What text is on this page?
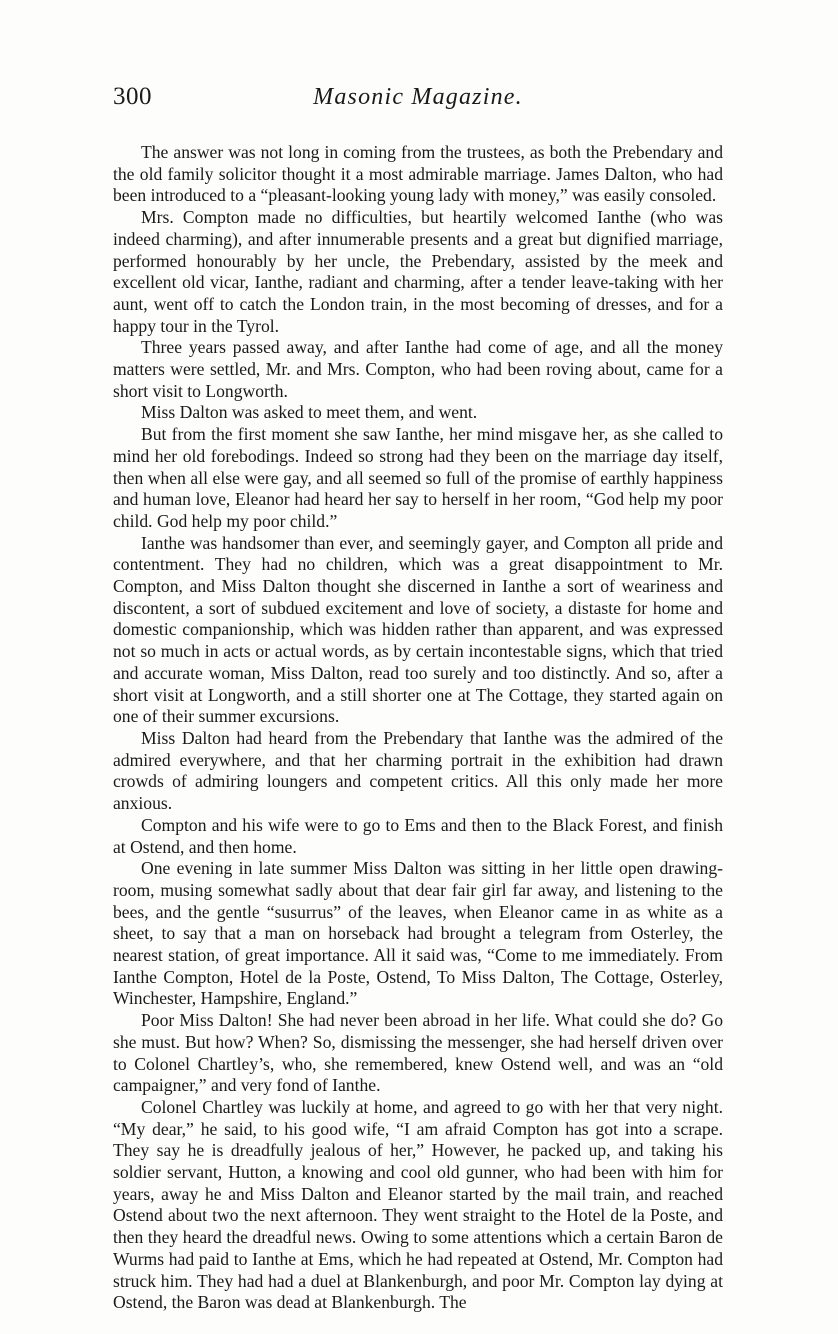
300	Masonic Magazine.

The answer was not long in coming from the trustees, as both the Prebendary and the old family solicitor thought it a most admirable marriage. James Dalton, who had been introduced to a “pleasant-looking young lady with money,” was easily consoled.

Mrs. Compton made no difficulties, but heartily welcomed Ianthe (who was indeed charming), and after innumerable presents and a great but dignified marriage, performed honourably by her uncle, the Prebendary, assisted by the meek and excellent old vicar, Ianthe, radiant and charming, after a tender leave-taking with her aunt, went off to catch the London train, in the most becoming of dresses, and for a happy tour in the Tyrol.

Three years passed away, and after Ianthe had come of age, and all the money matters were settled, Mr. and Mrs. Compton, who had been roving about, came for a short visit to Longworth.

Miss Dalton was asked to meet them, and went.

But from the first moment she saw Ianthe, her mind misgave her, as she called to mind her old forebodings. Indeed so strong had they been on the marriage day itself, then when all else were gay, and all seemed so full of the promise of earthly happiness and human love, Eleanor had heard her say to herself in her room, “God help my poor child. God help my poor child.”

Ianthe was handsomer than ever, and seemingly gayer, and Compton all pride and contentment. They had no children, which was a great disappointment to Mr. Compton, and Miss Dalton thought she discerned in Ianthe a sort of weariness and discontent, a sort of subdued excitement and love of society, a distaste for home and domestic companionship, which was hidden rather than apparent, and was expressed not so much in acts or actual words, as by certain incontestable signs, which that tried and accurate woman, Miss Dalton, read too surely and too distinctly. And so, after a short visit at Longworth, and a still shorter one at The Cottage, they started again on one of their summer excursions.

Miss Dalton had heard from the Prebendary that Ianthe was the admired of the admired everywhere, and that her charming portrait in the exhibition had drawn crowds of admiring loungers and competent critics. All this only made her more anxious.

Compton and his wife were to go to Ems and then to the Black Forest, and finish at Ostend, and then home.

One evening in late summer Miss Dalton was sitting in her little open drawing-room, musing somewhat sadly about that dear fair girl far away, and listening to the bees, and the gentle “susurrus” of the leaves, when Eleanor came in as white as a sheet, to say that a man on horseback had brought a telegram from Osterley, the nearest station, of great importance. All it said was, “Come to me immediately. From Ianthe Compton, Hotel de la Poste, Ostend, To Miss Dalton, The Cottage, Osterley, Winchester, Hampshire, England.”

Poor Miss Dalton! She had never been abroad in her life. What could she do? Go she must. But how? When? So, dismissing the messenger, she had herself driven over to Colonel Chartley’s, who, she remembered, knew Ostend well, and was an “old campaigner,” and very fond of Ianthe.

Colonel Chartley was luckily at home, and agreed to go with her that very night. “My dear,” he said, to his good wife, “I am afraid Compton has got into a scrape. They say he is dreadfully jealous of her,” However, he packed up, and taking his soldier servant, Hutton, a knowing and cool old gunner, who had been with him for years, away he and Miss Dalton and Eleanor started by the mail train, and reached Ostend about two the next afternoon. They went straight to the Hotel de la Poste, and then they heard the dreadful news. Owing to some attentions which a certain Baron de Wurms had paid to Ianthe at Ems, which he had repeated at Ostend, Mr. Compton had struck him. They had had a duel at Blankenburgh, and poor Mr. Compton lay dying at Ostend, the Baron was dead at Blankenburgh. The
